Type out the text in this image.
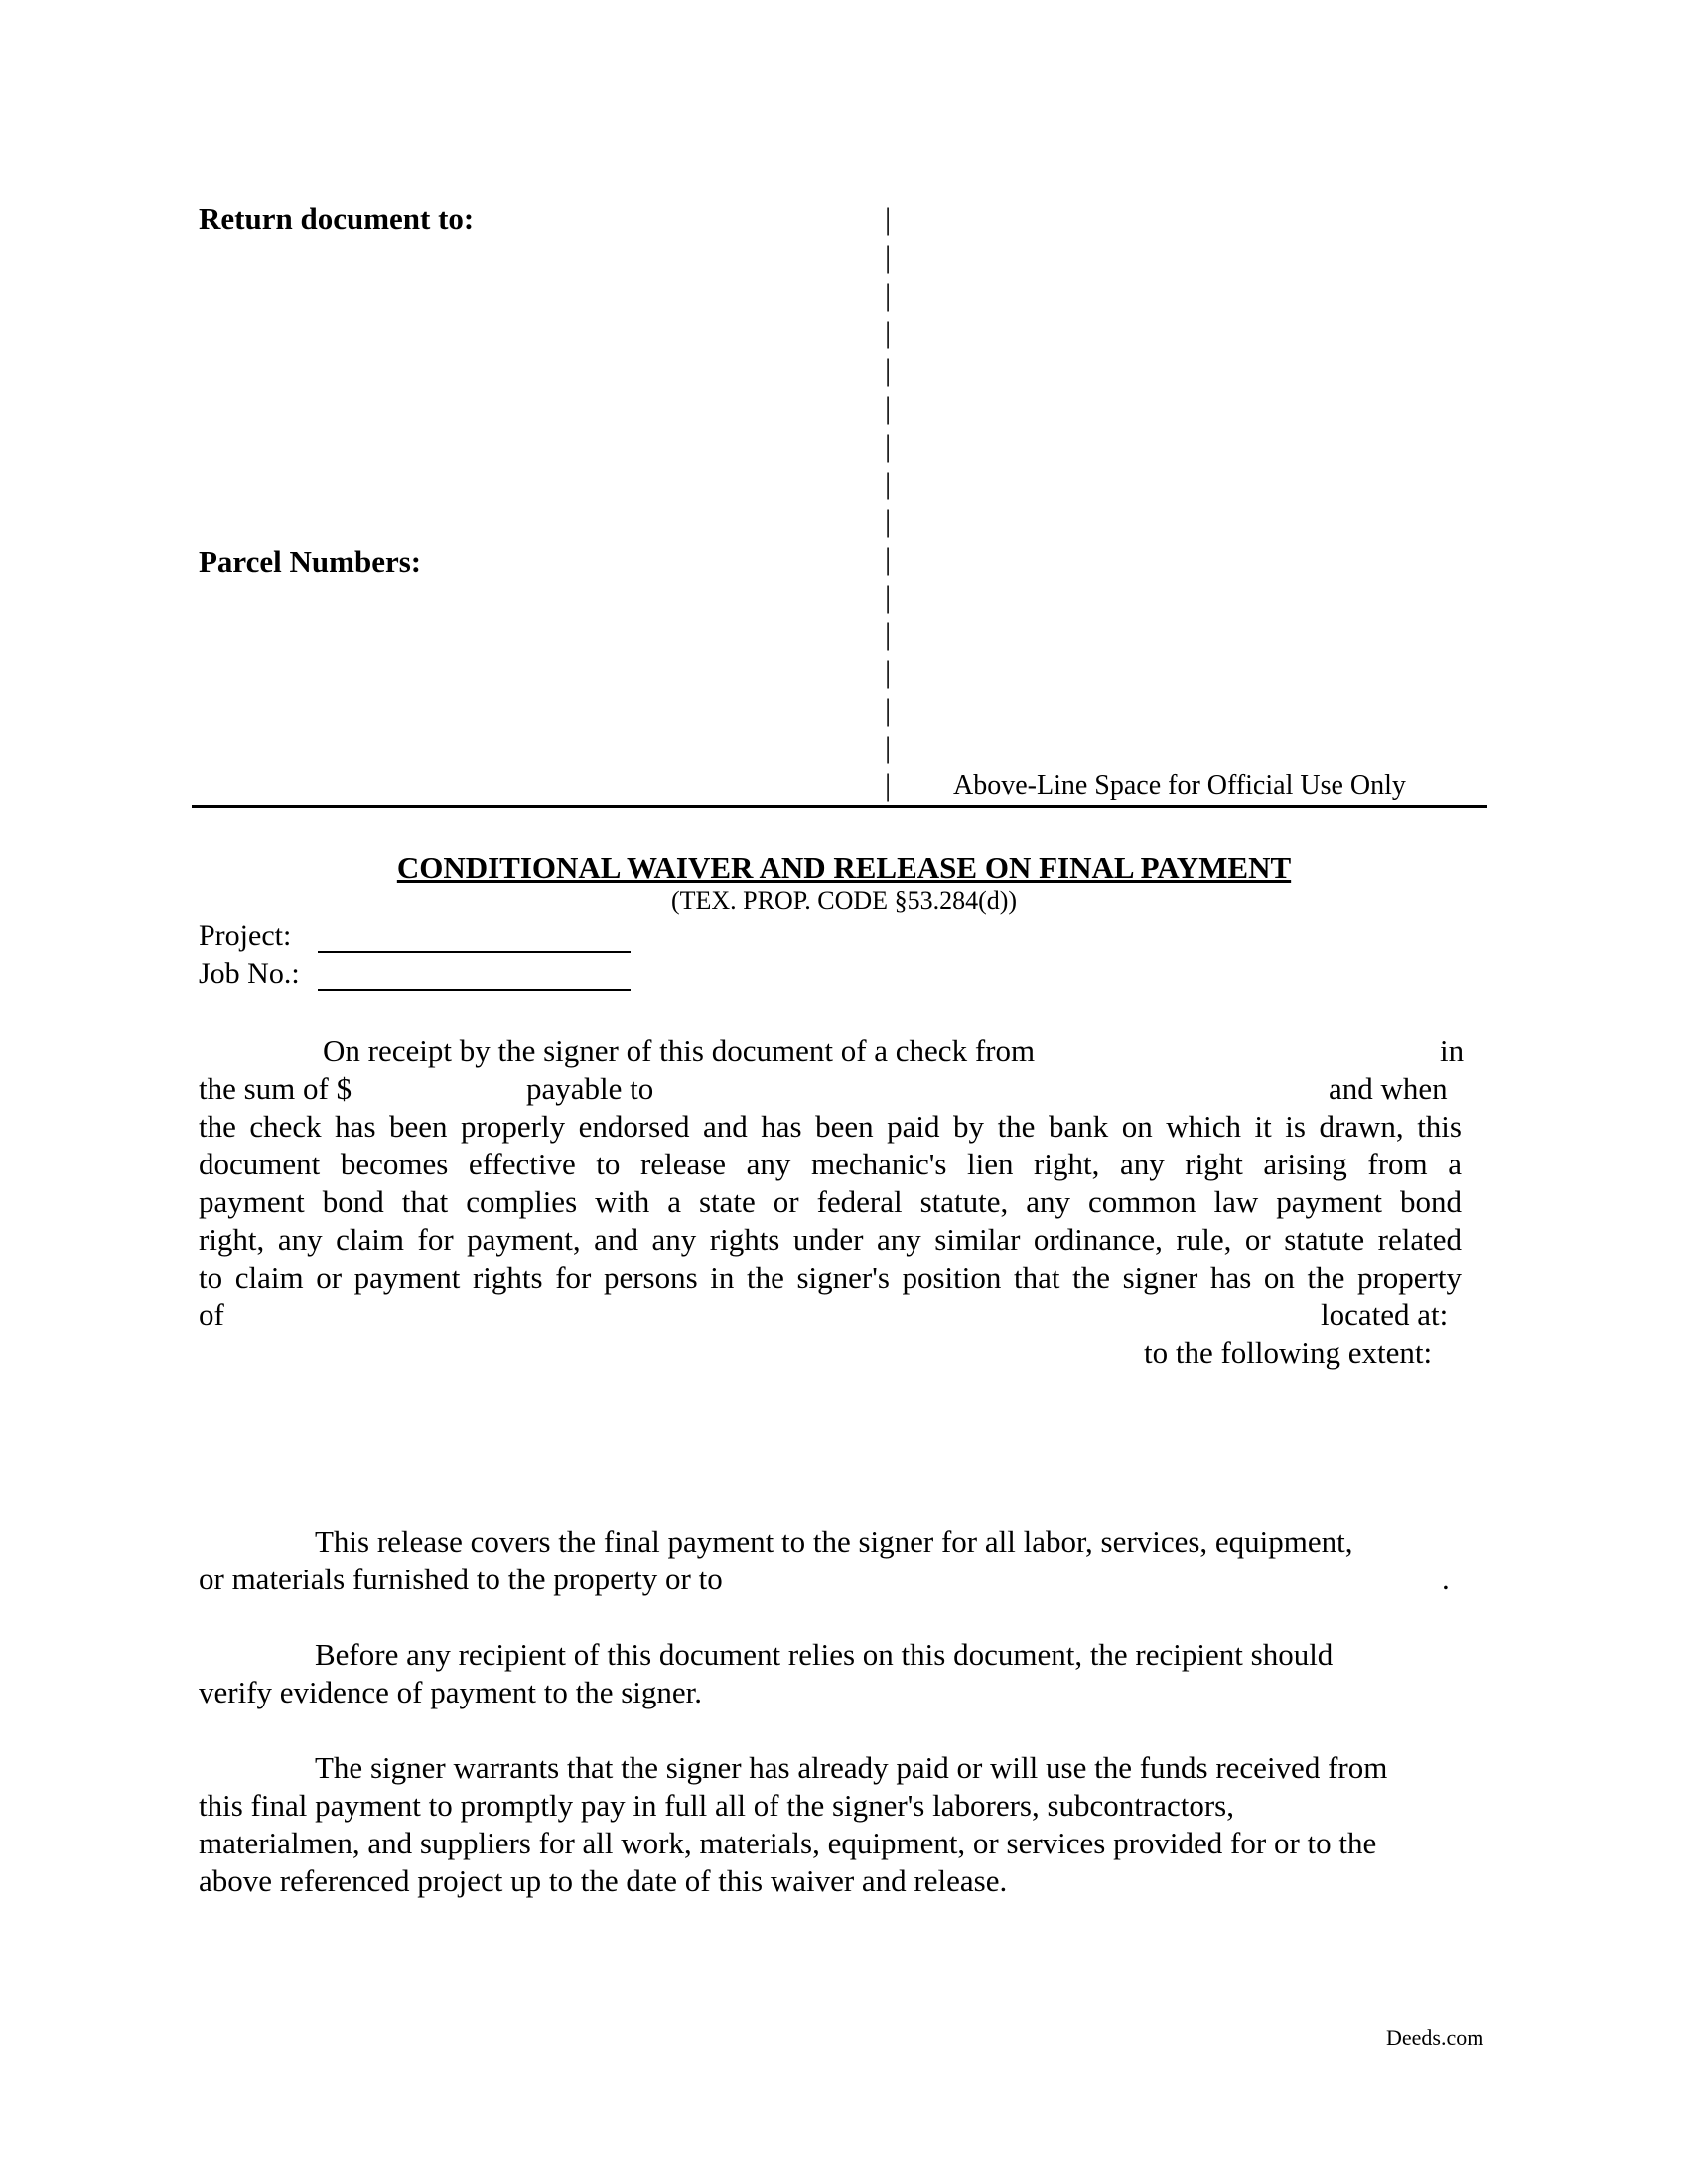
Return document to:
Parcel Numbers:
|
|
|
|
|
|
|
|
|
|
|
|
|
|
|
| Above-Line Space for Official Use Only
CONDITIONAL WAIVER AND RELEASE ON FINAL PAYMENT
(TEX. PROP. CODE §53.284(d))
Project:
Job No.:
On receipt by the signer of this document of a check from	in
the sum of $	payable to	and when
the check has been properly endorsed and has been paid by the bank on which it is drawn, this
document becomes effective to release any mechanic's lien right, any right arising from a
payment bond that complies with a state or federal statute, any common law payment bond
right, any claim for payment, and any rights under any similar ordinance, rule, or statute related
to claim or payment rights for persons in the signer's position that the signer has on the property
of	located at:
to the following extent:
This release covers the final payment to the signer for all labor, services, equipment,
or materials furnished to the property or to	.
Before any recipient of this document relies on this document, the recipient should
verify evidence of payment to the signer.
The signer warrants that the signer has already paid or will use the funds received from
this final payment to promptly pay in full all of the signer's laborers, subcontractors,
materialmen, and suppliers for all work, materials, equipment, or services provided for or to the
above referenced project up to the date of this waiver and release.
Deeds.com
